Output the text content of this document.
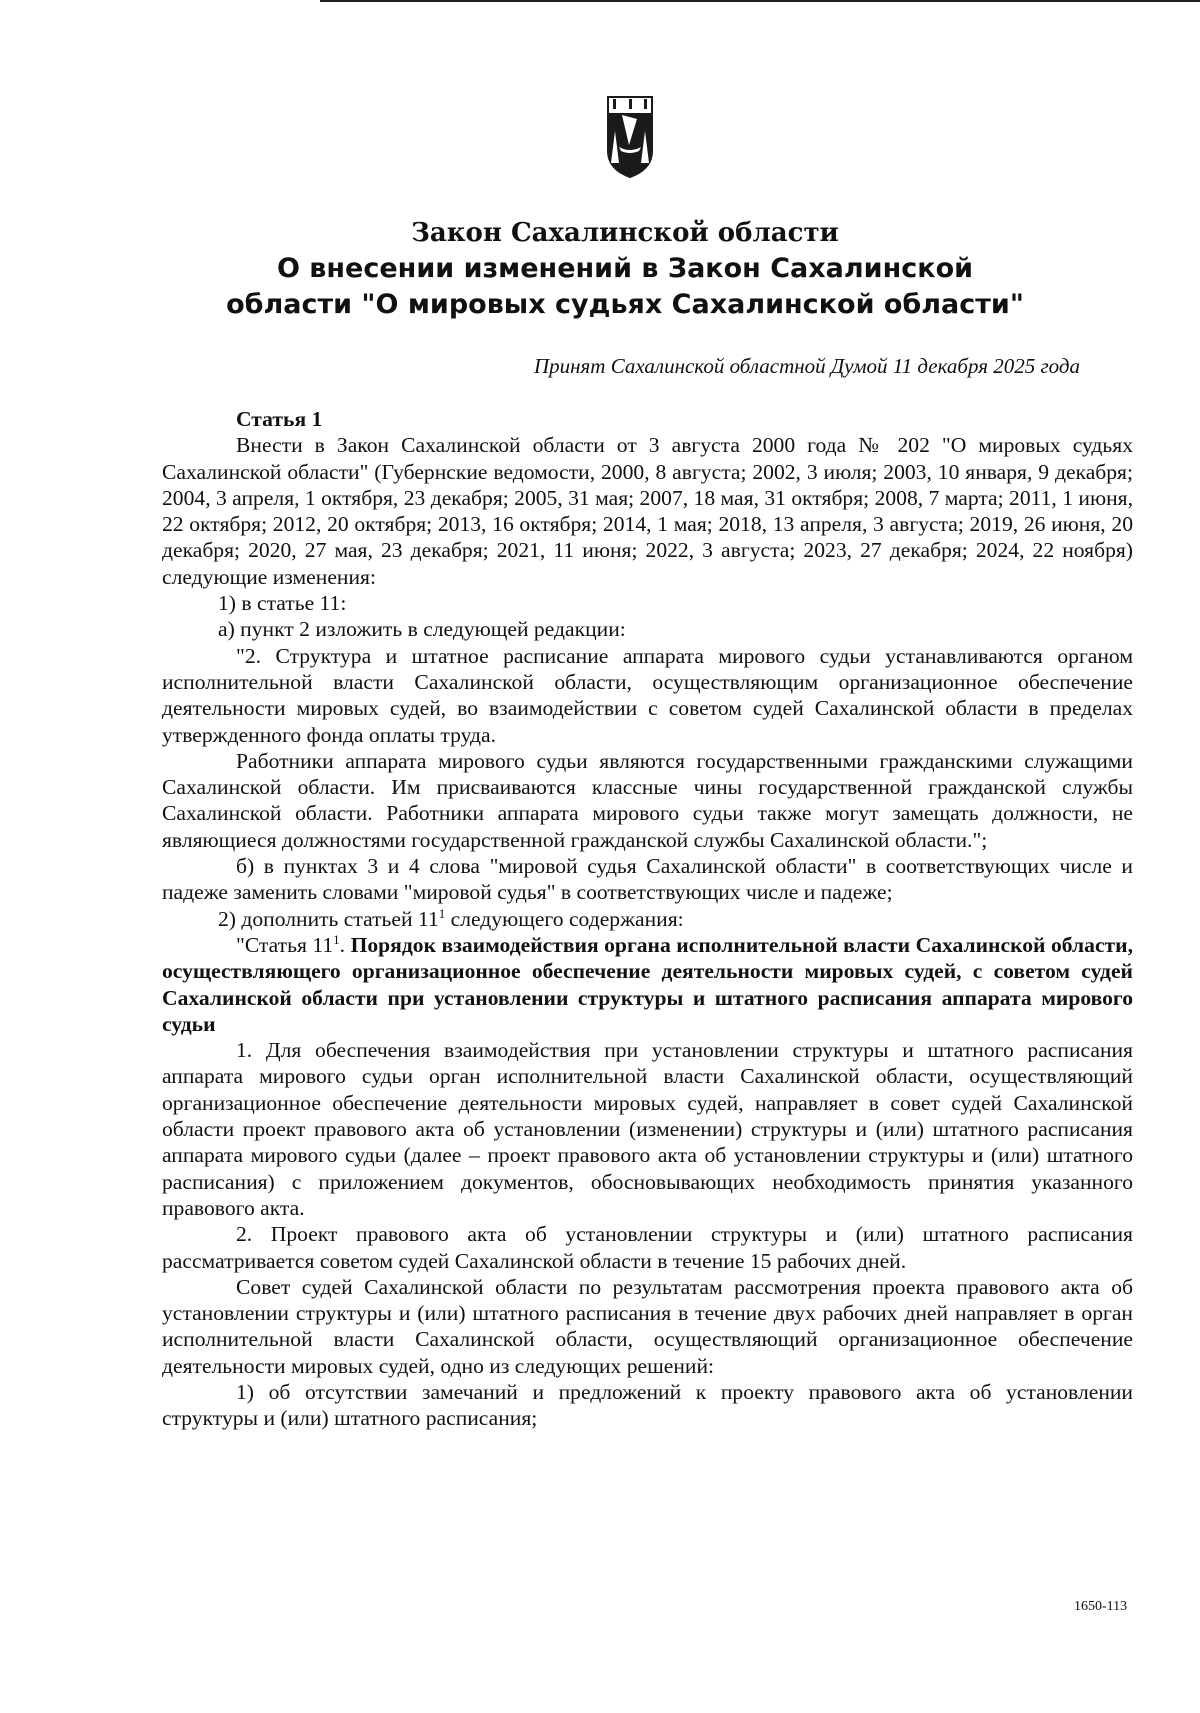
Закон Сахалинской области
О внесении изменений в Закон Сахалинской
области "О мировых судьях Сахалинской области"
Принят Сахалинской областной Думой 11 декабря 2025 года

Статья 1

Внести в Закон Сахалинской области от 3 августа 2000 года № 202 "О мировых судьях Сахалинской области" (Губернские ведомости, 2000, 8 августа; 2002, 3 июля; 2003, 10 января, 9 декабря; 2004, 3 апреля, 1 октября, 23 декабря; 2005, 31 мая; 2007, 18 мая, 31 октября; 2008, 7 марта; 2011, 1 июня, 22 октября; 2012, 20 октября; 2013, 16 октября; 2014, 1 мая; 2018, 13 апреля, 3 августа; 2019, 26 июня, 20 декабря; 2020, 27 мая, 23 декабря; 2021, 11 июня; 2022, 3 августа; 2023, 27 декабря; 2024, 22 ноября) следующие изменения:

1) в статье 11:

а) пункт 2 изложить в следующей редакции:

"2. Структура и штатное расписание аппарата мирового судьи устанавливаются органом исполнительной власти Сахалинской области, осуществляющим организационное обеспечение деятельности мировых судей, во взаимодействии с советом судей Сахалинской области в пределах утвержденного фонда оплаты труда.

Работники аппарата мирового судьи являются государственными гражданскими служащими Сахалинской области. Им присваиваются классные чины государственной гражданской службы Сахалинской области. Работники аппарата мирового судьи также могут замещать должности, не являющиеся должностями государственной гражданской службы Сахалинской области.";

б) в пунктах 3 и 4 слова "мировой судья Сахалинской области" в соответствующих числе и падеже заменить словами "мировой судья" в соответствующих числе и падеже;

2) дополнить статьей $11^1$ следующего содержания:

"Статья $11^1$. Порядок взаимодействия органа исполнительной власти Сахалинской области, осуществляющего организационное обеспечение деятельности мировых судей, с советом судей Сахалинской области при установлении структуры и штатного расписания аппарата мирового судьи

1. Для обеспечения взаимодействия при установлении структуры и штатного расписания аппарата мирового судьи орган исполнительной власти Сахалинской области, осуществляющий организационное обеспечение деятельности мировых судей, направляет в совет судей Сахалинской области проект правового акта об установлении (изменении) структуры и (или) штатного расписания аппарата мирового судьи (далее – проект правового акта об установлении структуры и (или) штатного расписания) с приложением документов, обосновывающих необходимость принятия указанного правового акта.

2. Проект правового акта об установлении структуры и (или) штатного расписания рассматривается советом судей Сахалинской области в течение 15 рабочих дней.

Совет судей Сахалинской области по результатам рассмотрения проекта правового акта об установлении структуры и (или) штатного расписания в течение двух рабочих дней направляет в орган исполнительной власти Сахалинской области, осуществляющий организационное обеспечение деятельности мировых судей, одно из следующих решений:

1) об отсутствии замечаний и предложений к проекту правового акта об установлении структуры и (или) штатного расписания;

1650-113
